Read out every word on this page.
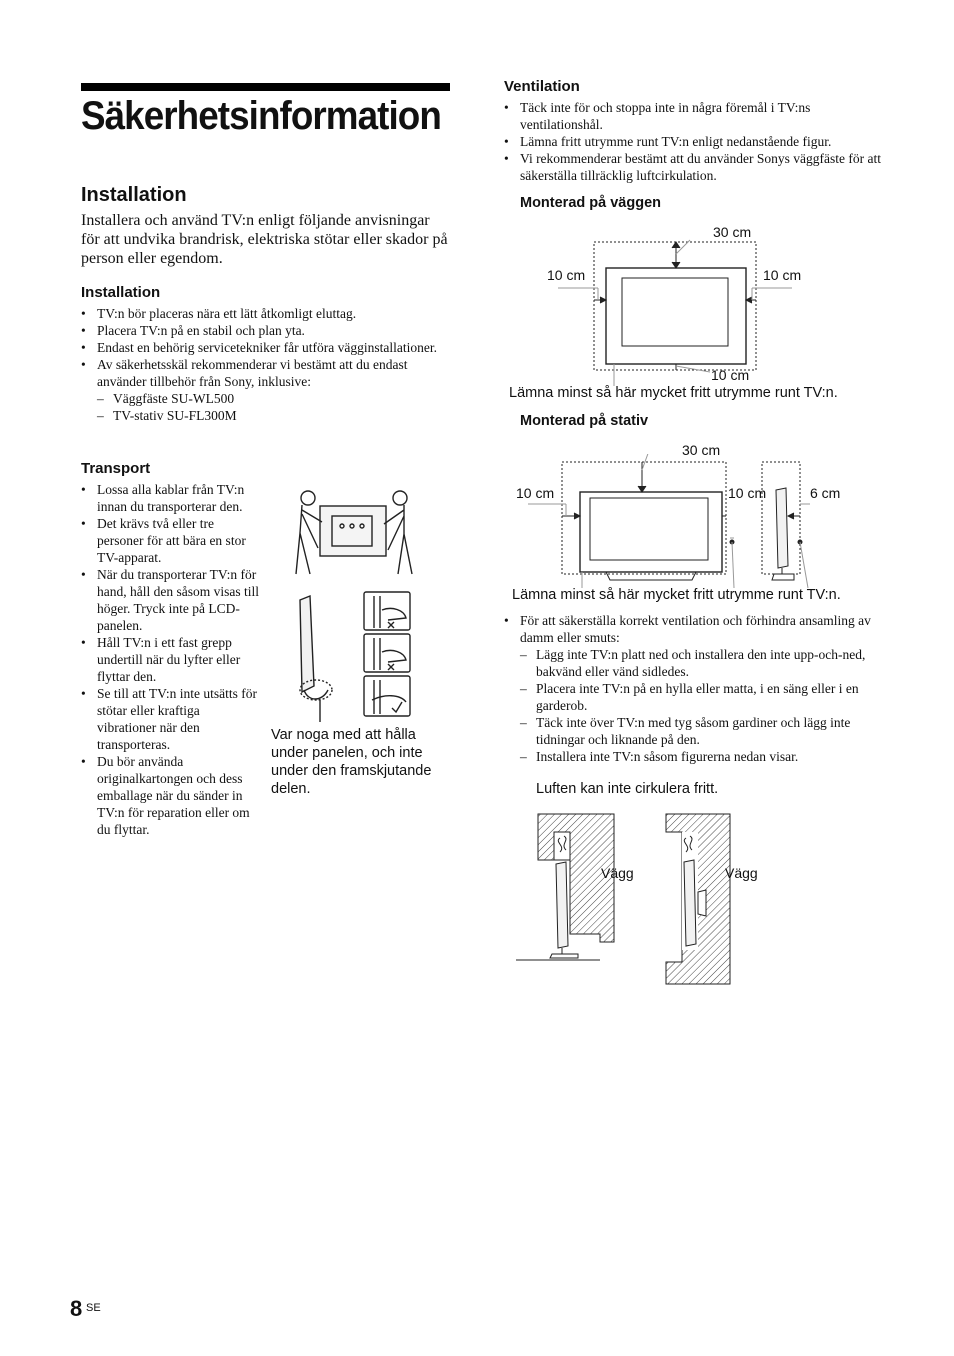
Säkerhetsinformation
Installation

Installera och använd TV:n enligt följande anvisningar för att undvika brandrisk, elektriska stötar eller skador på person eller egendom.

Installation
• TV:n bör placeras nära ett lätt åtkomligt eluttag.
• Placera TV:n på en stabil och plan yta.
• Endast en behörig servicetekniker får utföra vägginstallationer.
• Av säkerhetsskäl rekommenderar vi bestämt att du endast använder tillbehör från Sony, inklusive:
– Väggfäste SU-WL500
– TV-stativ SU-FL300M
Transport
• Lossa alla kablar från TV:n innan du transporterar den.
• Det krävs två eller tre personer för att bära en stor TV-apparat.
• När du transporterar TV:n för hand, håll den såsom visas till höger. Tryck inte på LCD-panelen.
• Håll TV:n i ett fast grepp undertill när du lyfter eller flyttar den.
• Se till att TV:n inte utsätts för stötar eller kraftiga vibrationer när den transporteras.
• Du bör använda originalkartongen och dess emballage när du sänder in TV:n för reparation eller om du flyttar.
Var noga med att hålla under panelen, och inte under den framskjutande delen.
Ventilation
• Täck inte för och stoppa inte in några föremål i TV:ns ventilationshål.
• Lämna fritt utrymme runt TV:n enligt nedanstående figur.
• Vi rekommenderar bestämt att du använder Sonys väggfäste för att säkerställa tillräcklig luftcirkulation.
Monterad på väggen
30 cm
10 cm	10 cm
10 cm
Lämna minst så här mycket fritt utrymme runt TV:n.
Monterad på stativ
30 cm
10 cm	10 cm	6 cm
Lämna minst så här mycket fritt utrymme runt TV:n.
• För att säkerställa korrekt ventilation och förhindra ansamling av damm eller smuts:
– Lägg inte TV:n platt ned och installera den inte upp-och-ned, bakvänd eller vänd sidledes.
– Placera inte TV:n på en hylla eller matta, i en säng eller i en garderob.
– Täck inte över TV:n med tyg såsom gardiner och lägg inte tidningar och liknande på den.
– Installera inte TV:n såsom figurerna nedan visar.
Luften kan inte cirkulera fritt.
Vägg	Vägg
8 SE
